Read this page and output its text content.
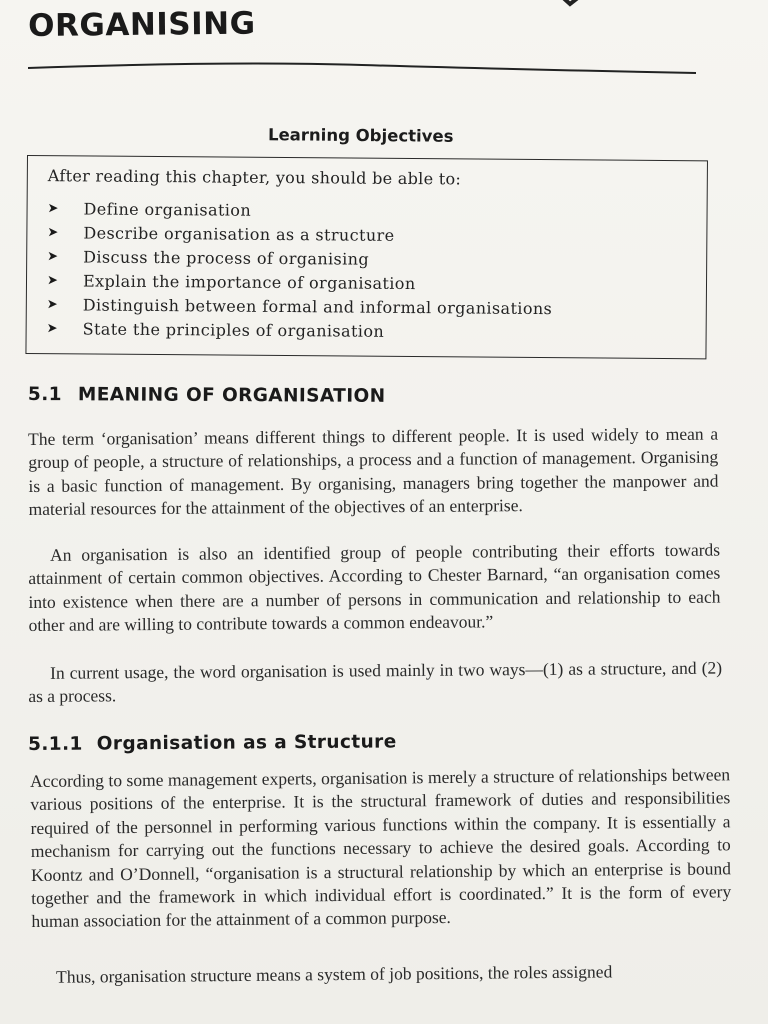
ORGANISING
Learning Objectives
After reading this chapter, you should be able to:
➤ Define organisation
➤ Describe organisation as a structure
➤ Discuss the process of organising
➤ Explain the importance of organisation
➤ Distinguish between formal and informal organisations
➤ State the principles of organisation
5.1 MEANING OF ORGANISATION
The term ‘organisation’ means different things to different people. It is used widely to mean a group of people, a structure of relationships, a process and a function of management. Organising is a basic function of management. By organising, managers bring together the manpower and material resources for the attainment of the objectives of an enterprise.
An organisation is also an identified group of people contributing their efforts towards attainment of certain common objectives. According to Chester Barnard, “an organisation comes into existence when there are a number of persons in communication and relationship to each other and are willing to contribute towards a common endeavour.”
In current usage, the word organisation is used mainly in two ways—(1) as a structure, and (2) as a process.
5.1.1 Organisation as a Structure
According to some management experts, organisation is merely a structure of relationships between various positions of the enterprise. It is the structural framework of duties and responsibilities required of the personnel in performing various functions within the company. It is essentially a mechanism for carrying out the functions necessary to achieve the desired goals. According to Koontz and O’Donnell, “organisation is a structural relationship by which an enterprise is bound together and the framework in which individual effort is coordinated.” It is the form of every human association for the attainment of a common purpose.
Thus, organisation structure means a system of job positions, the roles assigned
